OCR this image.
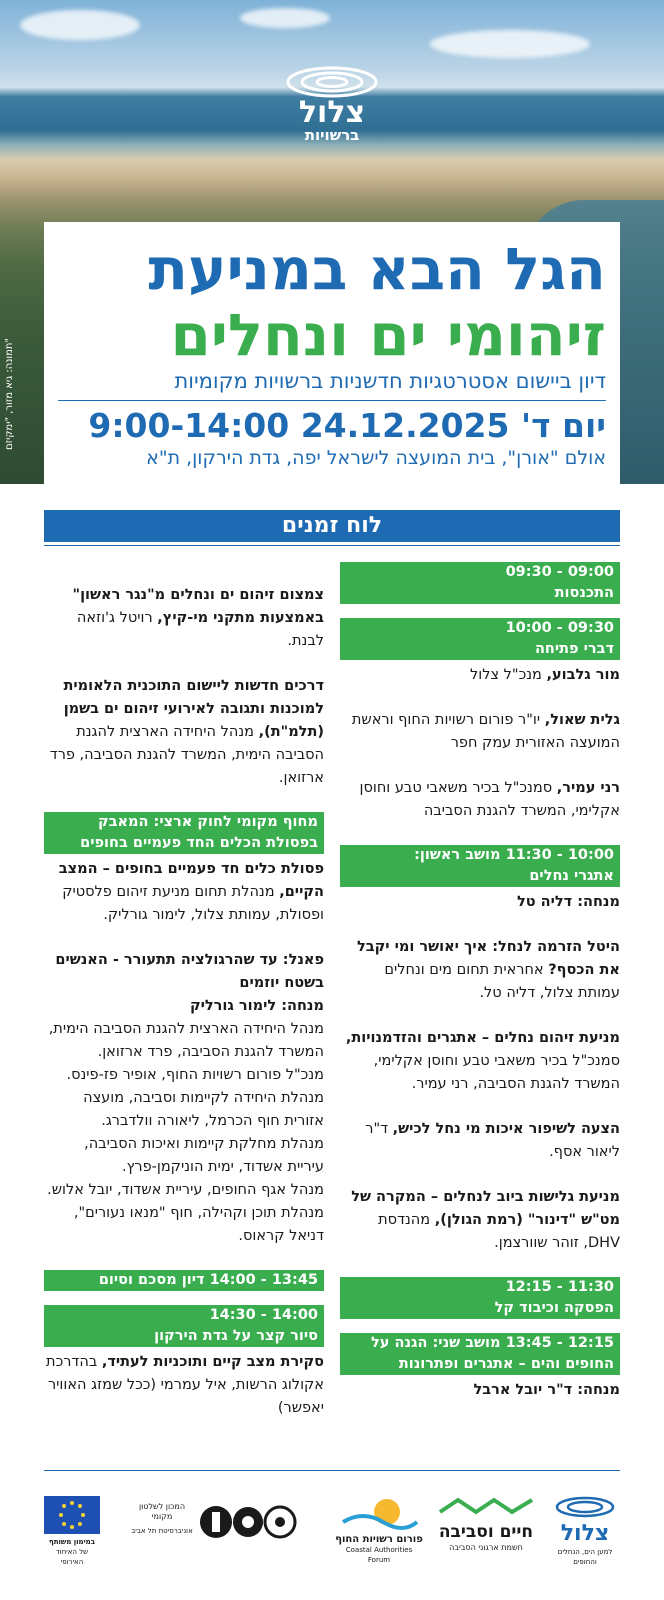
צלול
ברשויות
תמונה: גיא מזור, "ימקיזם"
הגל הבא במניעת
זיהומי ים ונחלים
דיון ביישום אסטרטגיות חדשניות ברשויות מקומיות
יום ד' 24.12.2025 9:00-14:00
אולם "אורן", בית המועצה לישראל יפה, גדת הירקון, ת"א
לוח זמנים
09:00 - 09:30
התכנסות
09:30 - 10:00
דברי פתיחה
מור גלבוע, מנכ"ל צלול
גלית שאול, יו"ר פורום רשויות החוף וראשת המועצה האזורית עמק חפר
רני עמיר, סמנכ"ל בכיר משאבי טבע וחוסן אקלימי, המשרד להגנת הסביבה
10:00 - 11:30 מושב ראשון:
אתגרי נחלים
מנחה: דליה טל
היטל הזרמה לנחל: איך יאושר ומי יקבל את הכסף? אחראית תחום מים ונחלים עמותת צלול, דליה טל.
מניעת זיהום נחלים – אתגרים והזדמנויות, סמנכ"ל בכיר משאבי טבע וחוסן אקלימי, המשרד להגנת הסביבה, רני עמיר.
הצעה לשיפור איכות מי נחל לכיש, ד"ר ליאור אסף.
מניעת גלישות ביוב לנחלים – המקרה של מט"ש "דינור" (רמת הגולן), מהנדסת DHV, זוהר שוורצמן.
11:30 - 12:15
הפסקה וכיבוד קל
12:15 - 13:45 מושב שני: הגנה על החופים והים – אתגרים ופתרונות
מנחה: ד"ר יובל ארבל
צמצום זיהום ים ונחלים מ"נגר ראשון" באמצעות מתקני מי-קיץ, רויטל ג'וזאה לבנת.
דרכים חדשות ליישום התוכנית הלאומית למוכנות ותגובה לאירועי זיהום ים בשמן (תלמ"ת), מנהל היחידה הארצית להגנת הסביבה הימית, המשרד להגנת הסביבה, פרד ארזואן.
מחוף מקומי לחוק ארצי: המאבק בפסולת הכלים החד פעמיים בחופים
פסולת כלים חד פעמיים בחופים – המצב הקיים, מנהלת תחום מניעת זיהום פלסטיק ופסולת, עמותת צלול, לימור גורליק.
פאנל: עד שהרגולציה תתעורר - האנשים בשטח יוזמים
מנחה: לימור גורליק
מנהל היחידה הארצית להגנת הסביבה הימית, המשרד להגנת הסביבה, פרד ארזואן.
מנכ"ל פורום רשויות החוף, אופיר פז-פינס.
מנהלת היחידה לקיימות וסביבה, מועצה אזורית חוף הכרמל, ליאורה וולדברג.
מנהלת מחלקת קיימות ואיכות הסביבה, עיריית אשדוד, ימית הוניקמן-פרץ.
מנהל אגף החופים, עיריית אשדוד, יובל אלוש.
מנהלת תוכן וקהילה, חוף "מנאו נעורים", דניאל קראוס.
13:45 - 14:00 דיון מסכם וסיום
14:00 - 14:30
סיור קצר על גדת הירקון
סקירת מצב קיים ותוכניות לעתיד, בהדרכת אקולוג הרשות, איל עמרמי (ככל שמזג האוויר יאפשר)
צלול
למען הים, הנחלים והחופים
חיים וסביבה
חשמת ארגוני הסביבה
פורום רשויות החוף
Coastal Authorities Forum
המכון לשלטון מקומי
אוניברסיטת תל אביב
במימון משותף
של האיחוד האירופי
